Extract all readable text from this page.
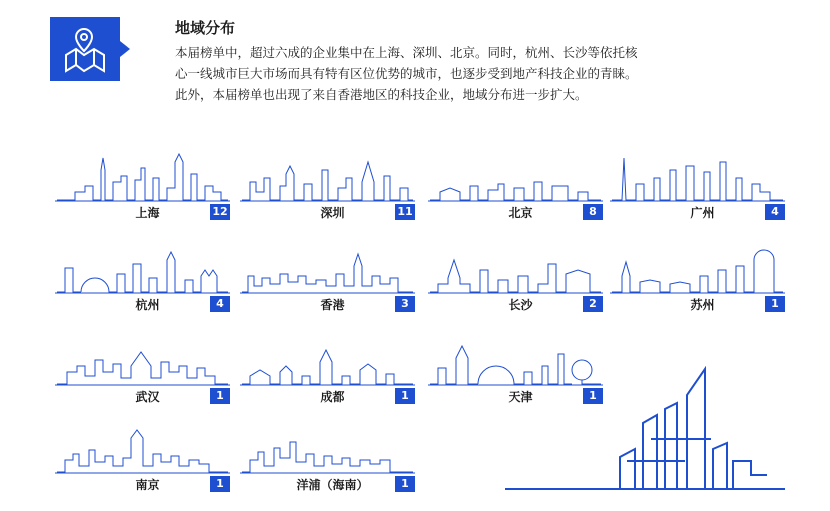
地域分布
本届榜单中，超过六成的企业集中在上海、深圳、北京。同时，杭州、长沙等依托核
心一线城市巨大市场而具有特有区位优势的城市，也逐步受到地产科技企业的青睐。
此外，本届榜单也出现了来自香港地区的科技企业，地域分布进一步扩大。
上海	12	深圳	11	北京	8	广州	4
杭州	4	香港	3	长沙	2	苏州	1
武汉	1	成都	1	天津	1
南京	1	洋浦（海南）	1
